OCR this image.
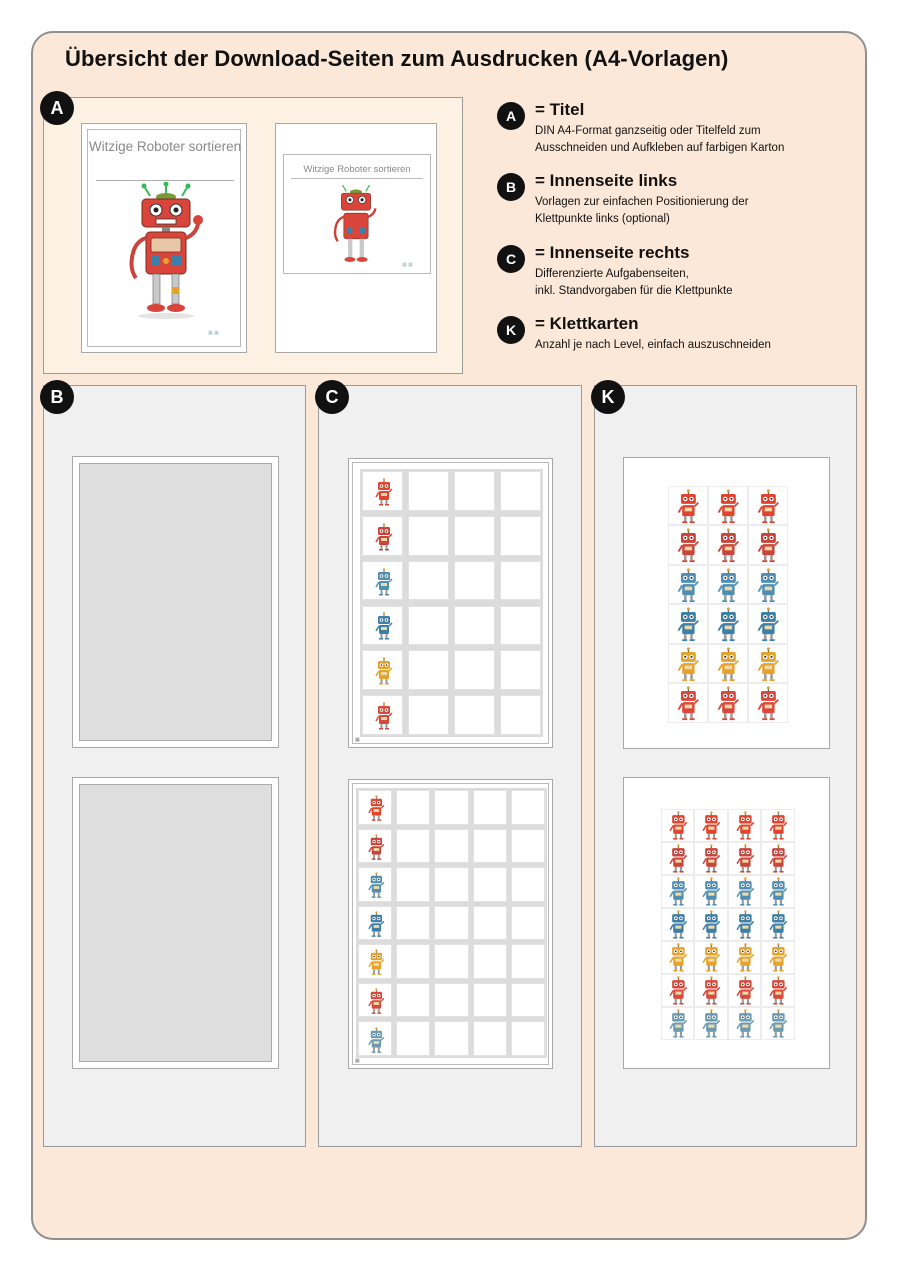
Übersicht der Download-Seiten zum Ausdrucken (A4-Vorlagen)
Witzige Roboter sortieren
▦ ▦
Witzige Roboter sortieren
▦ ▦
A	A	= Titel
DIN A4-Format ganzseitig oder Titelfeld zum
Ausschneiden und Aufkleben auf farbigen Karton
B	= Innenseite links
Vorlagen zur einfachen Positionierung der
Klettpunkte links (optional)
C	= Innenseite rechts
Differenzierte Aufgabenseiten,
inkl. Standvorgaben für die Klettpunkte
K	= Klettkarten
Anzahl je nach Level, einfach auszuschneiden
B
▦
▦
C	K
